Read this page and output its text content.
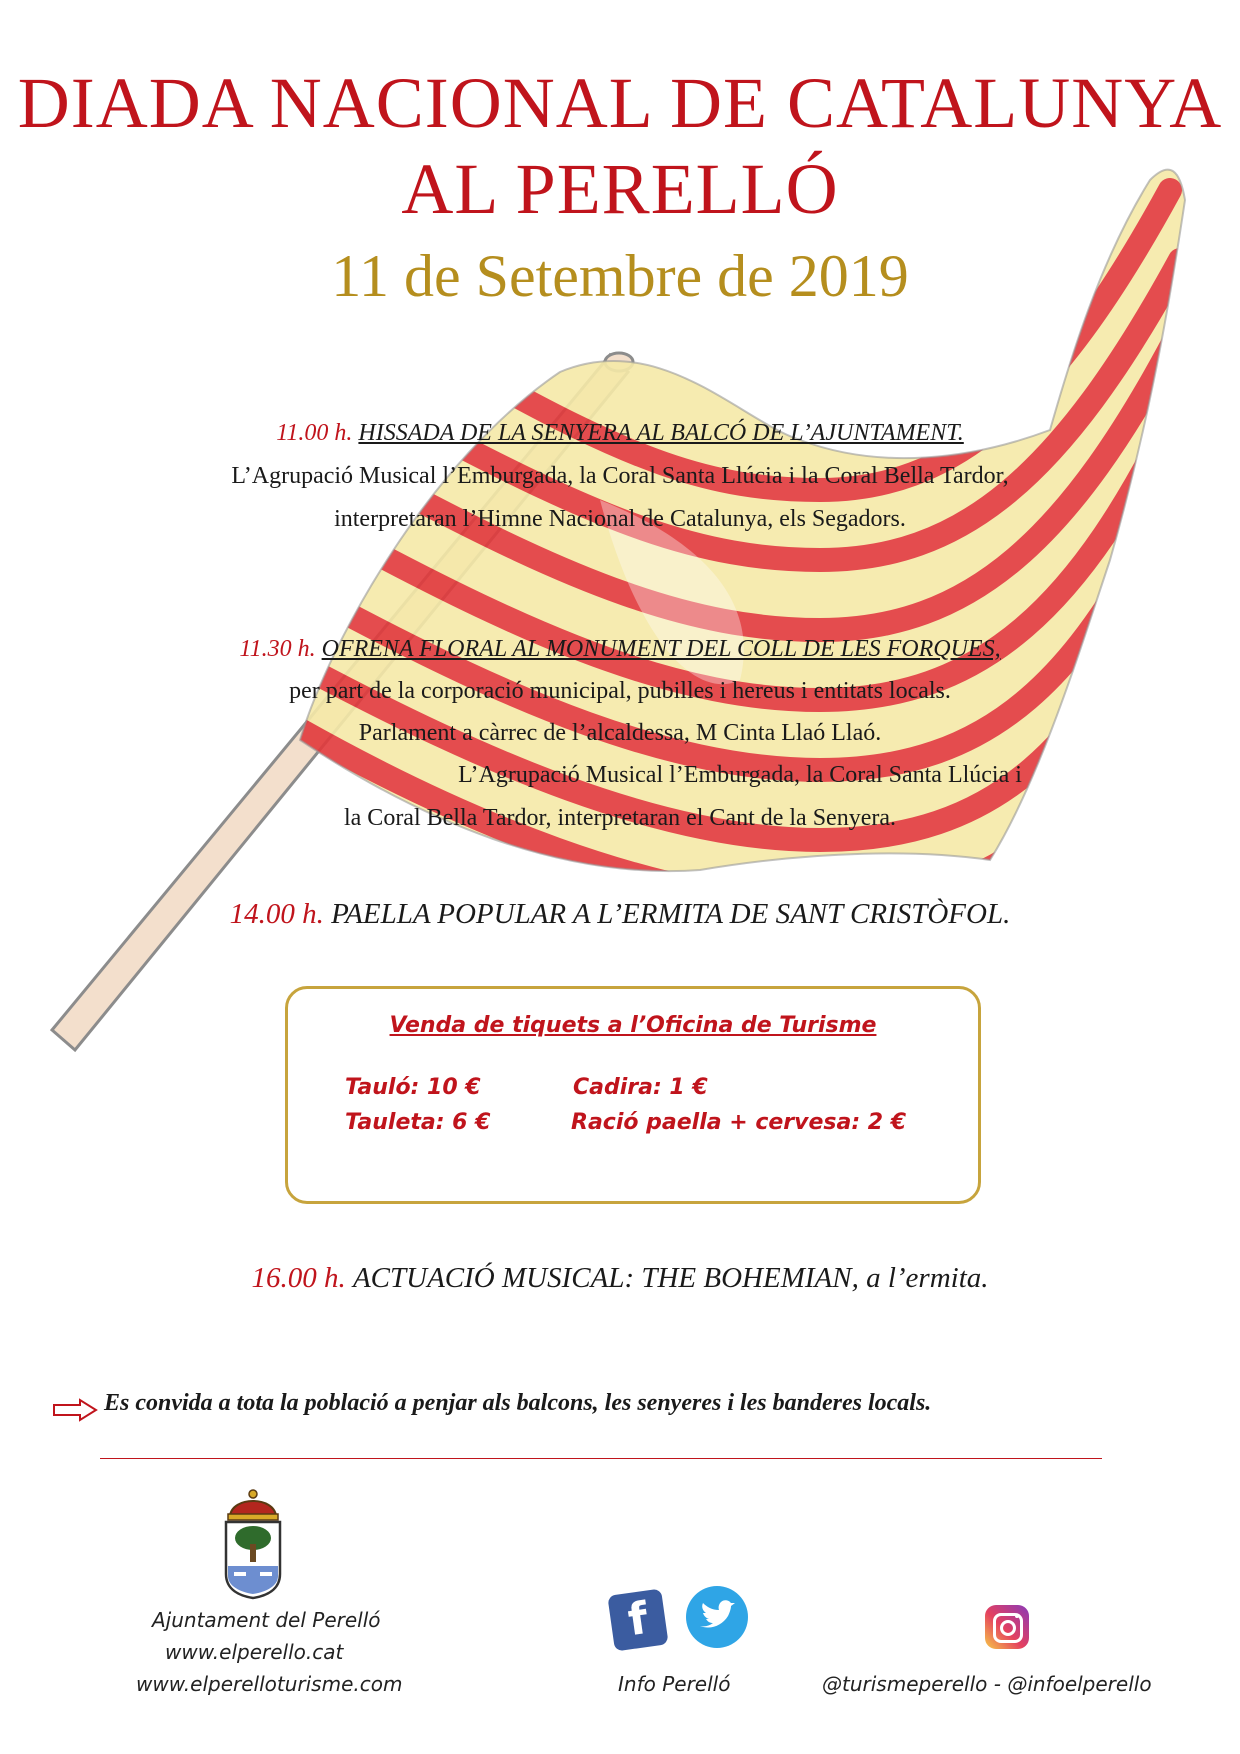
DIADA NACIONAL DE CATALUNYA
AL PERELLÓ
11 de Setembre de 2019
11.00 h. HISSADA DE LA SENYERA AL BALCÓ DE L’AJUNTAMENT.
L’Agrupació Musical l’Emburgada, la Coral Santa Llúcia i la Coral Bella Tardor,
interpretaran l’Himne Nacional de Catalunya, els Segadors.
11.30 h. OFRENA FLORAL AL MONUMENT DEL COLL DE LES FORQUES,
per part de la corporació municipal, pubilles i hereus i entitats locals.
Parlament a càrrec de l’alcaldessa, M Cinta Llaó Llaó.
L’Agrupació Musical l’Emburgada, la Coral Santa Llúcia i
la Coral Bella Tardor, interpretaran el Cant de la Senyera.
14.00 h. PAELLA POPULAR A L’ERMITA DE SANT CRISTÒFOL.
Venda de tiquets a l’Oficina de Turisme
Tauló: 10 €	Cadira: 1 €
Tauleta: 6 €	Ració paella + cervesa: 2 €
16.00 h. ACTUACIÓ MUSICAL: THE BOHEMIAN, a l’ermita.
Es convida a tota la població a penjar als balcons, les senyeres i les banderes locals.
Ajuntament del Perelló
www.elperello.cat
www.elperelloturisme.com
f
Info Perelló	@turismeperello - @infoelperello
